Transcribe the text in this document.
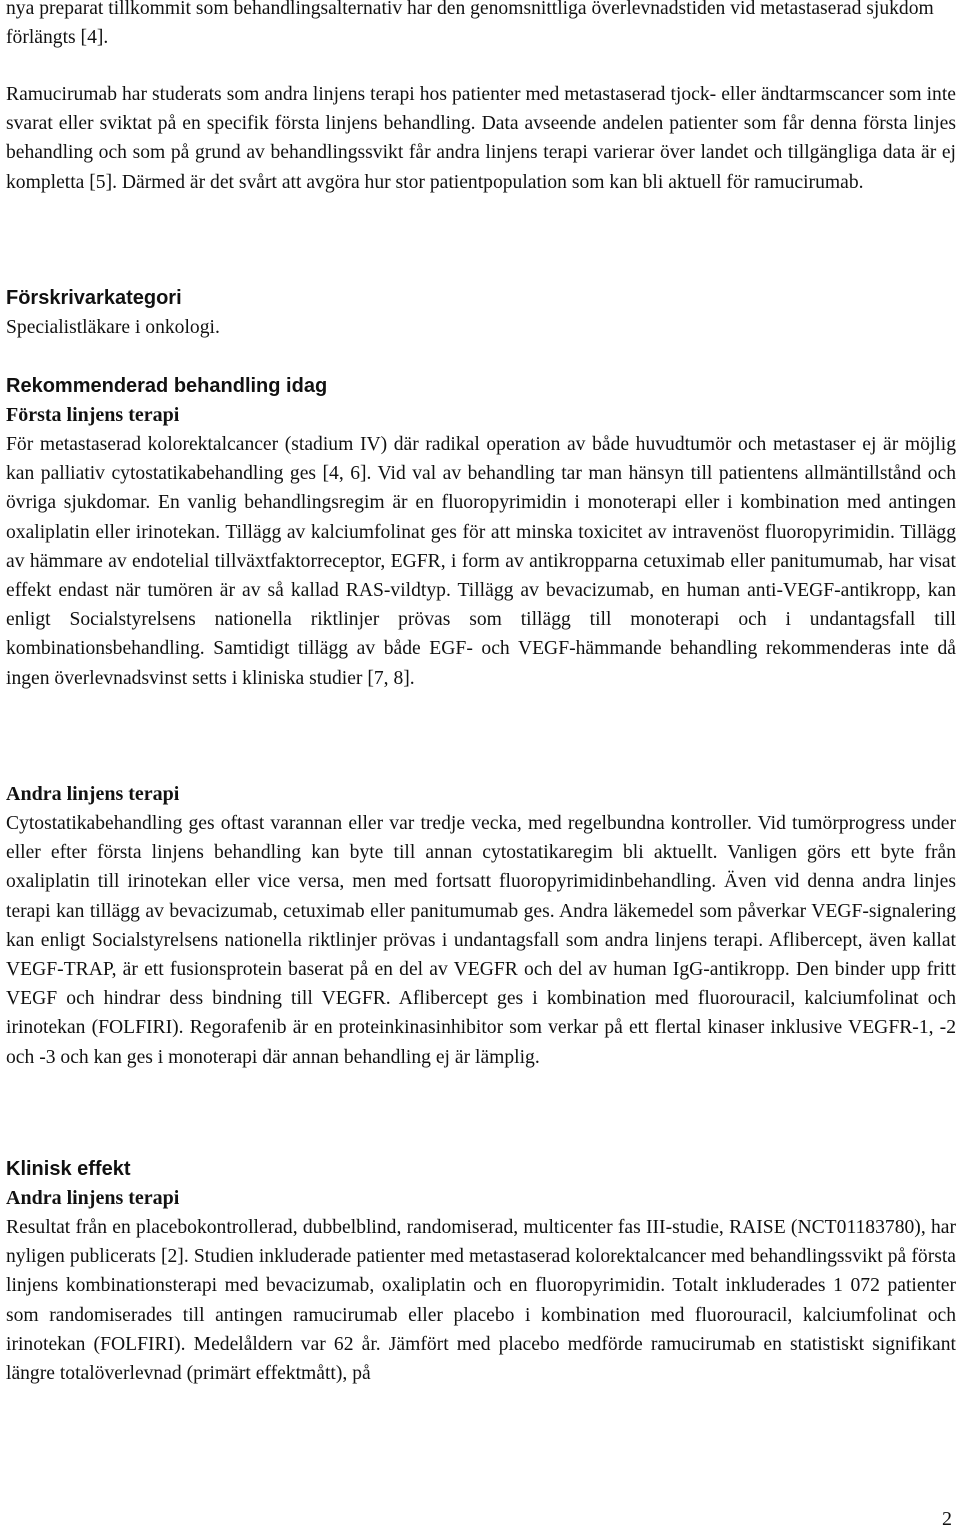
nya preparat tillkommit som behandlingsalternativ har den genomsnittliga överlevnadstiden vid metastaserad sjukdom förlängts [4].

Ramucirumab har studerats som andra linjens terapi hos patienter med metastaserad tjock- eller ändtarmscancer som inte svarat eller sviktat på en specifik första linjens behandling. Data avseende andelen patienter som får denna första linjes behandling och som på grund av behandlingssvikt får andra linjens terapi varierar över landet och tillgängliga data är ej kompletta [5]. Därmed är det svårt att avgöra hur stor patientpopulation som kan bli aktuell för ramucirumab.

Förskrivarkategori

Specialistläkare i onkologi.

Rekommenderad behandling idag

Första linjens terapi

För metastaserad kolorektalcancer (stadium IV) där radikal operation av både huvudtumör och metastaser ej är möjlig kan palliativ cytostatikabehandling ges [4, 6]. Vid val av behandling tar man hänsyn till patientens allmäntillstånd och övriga sjukdomar. En vanlig behandlingsregim är en fluoropyrimidin i monoterapi eller i kombination med antingen oxaliplatin eller irinotekan. Tillägg av kalciumfolinat ges för att minska toxicitet av intravenöst fluoropyrimidin. Tillägg av hämmare av endotelial tillväxtfaktorreceptor, EGFR, i form av antikropparna cetuximab eller panitumumab, har visat effekt endast när tumören är av så kallad RAS-vildtyp. Tillägg av bevacizumab, en human anti-VEGF-antikropp, kan enligt Socialstyrelsens nationella riktlinjer prövas som tillägg till monoterapi och i undantagsfall till kombinationsbehandling. Samtidigt tillägg av både EGF- och VEGF-hämmande behandling rekommenderas inte då ingen överlevnadsvinst setts i kliniska studier [7, 8].

Andra linjens terapi

Cytostatikabehandling ges oftast varannan eller var tredje vecka, med regelbundna kontroller. Vid tumörprogress under eller efter första linjens behandling kan byte till annan cytostatikaregim bli aktuellt. Vanligen görs ett byte från oxaliplatin till irinotekan eller vice versa, men med fortsatt fluoropyrimidinbehandling. Även vid denna andra linjes terapi kan tillägg av bevacizumab, cetuximab eller panitumumab ges. Andra läkemedel som påverkar VEGF-signalering kan enligt Socialstyrelsens nationella riktlinjer prövas i undantagsfall som andra linjens terapi. Aflibercept, även kallat VEGF-TRAP, är ett fusionsprotein baserat på en del av VEGFR och del av human IgG-antikropp. Den binder upp fritt VEGF och hindrar dess bindning till VEGFR. Aflibercept ges i kombination med fluorouracil, kalciumfolinat och irinotekan (FOLFIRI). Regorafenib är en proteinkinasinhibitor som verkar på ett flertal kinaser inklusive VEGFR-1, -2 och -3 och kan ges i monoterapi där annan behandling ej är lämplig.

Klinisk effekt

Andra linjens terapi

Resultat från en placebokontrollerad, dubbelblind, randomiserad, multicenter fas III-studie, RAISE (NCT01183780), har nyligen publicerats [2]. Studien inkluderade patienter med metastaserad kolorektalcancer med behandlingssvikt på första linjens kombinationsterapi med bevacizumab, oxaliplatin och en fluoropyrimidin. Totalt inkluderades 1 072 patienter som randomiserades till antingen ramucirumab eller placebo i kombination med fluorouracil, kalciumfolinat och irinotekan (FOLFIRI). Medelåldern var 62 år. Jämfört med placebo medförde ramucirumab en statistiskt signifikant längre totalöverlevnad (primärt effektmått), på

2
